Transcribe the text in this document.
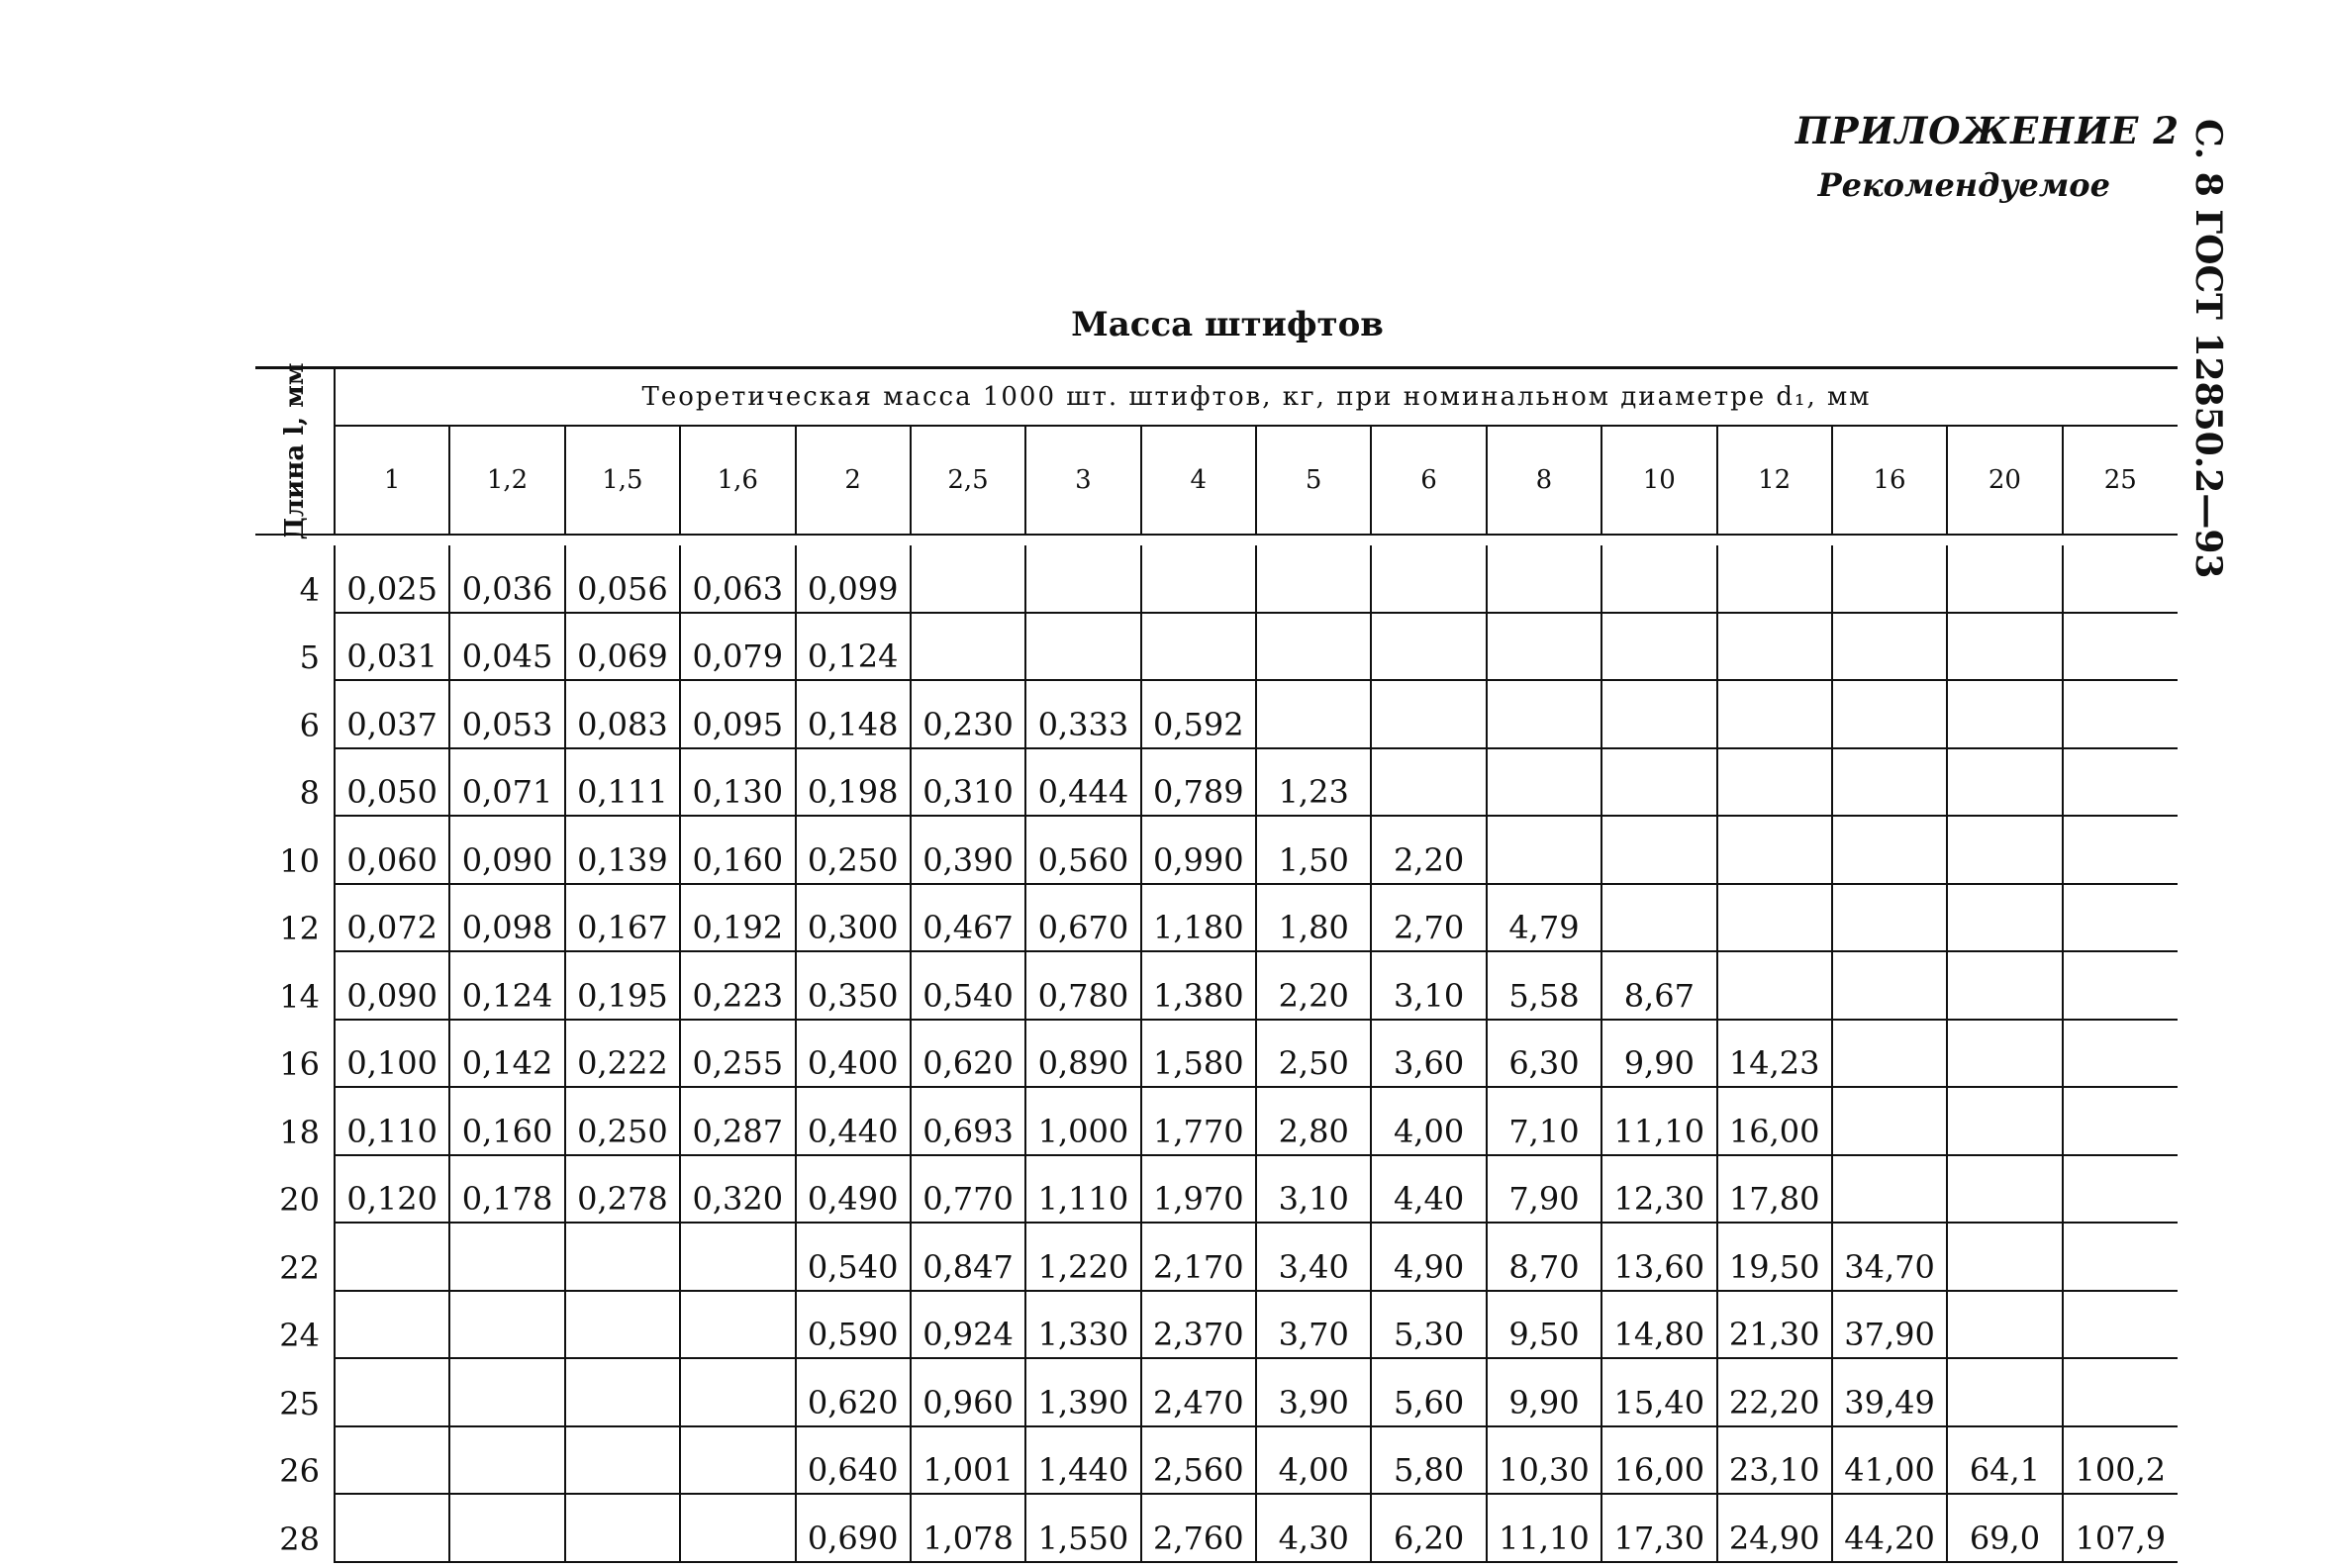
ПРИЛОЖЕНИЕ 2
Рекомендуемое С. 8 ГОСТ 12850.2—93
Масса штифтов
Длина l, мм	Теоретическая масса 1000 шт. штифтов, кг, при номинальном диаметре d₁, мм															
	1	1,2	1,5	1,6	2	2,5	3	4	5	6	8	10	12	16	20	25

4	0,025	0,036	0,056	0,063	0,099											
5	0,031	0,045	0,069	0,079	0,124											
6	0,037	0,053	0,083	0,095	0,148	0,230	0,333	0,592								
8	0,050	0,071	0,111	0,130	0,198	0,310	0,444	0,789	1,23							
10	0,060	0,090	0,139	0,160	0,250	0,390	0,560	0,990	1,50	2,20						
12	0,072	0,098	0,167	0,192	0,300	0,467	0,670	1,180	1,80	2,70	4,79					
14	0,090	0,124	0,195	0,223	0,350	0,540	0,780	1,380	2,20	3,10	5,58	8,67				
16	0,100	0,142	0,222	0,255	0,400	0,620	0,890	1,580	2,50	3,60	6,30	9,90	14,23			
18	0,110	0,160	0,250	0,287	0,440	0,693	1,000	1,770	2,80	4,00	7,10	11,10	16,00			
20	0,120	0,178	0,278	0,320	0,490	0,770	1,110	1,970	3,10	4,40	7,90	12,30	17,80			
22					0,540	0,847	1,220	2,170	3,40	4,90	8,70	13,60	19,50	34,70		
24					0,590	0,924	1,330	2,370	3,70	5,30	9,50	14,80	21,30	37,90		
25					0,620	0,960	1,390	2,470	3,90	5,60	9,90	15,40	22,20	39,49		
26					0,640	1,001	1,440	2,560	4,00	5,80	10,30	16,00	23,10	41,00	64,1	100,2
28					0,690	1,078	1,550	2,760	4,30	6,20	11,10	17,30	24,90	44,20	69,0	107,9
